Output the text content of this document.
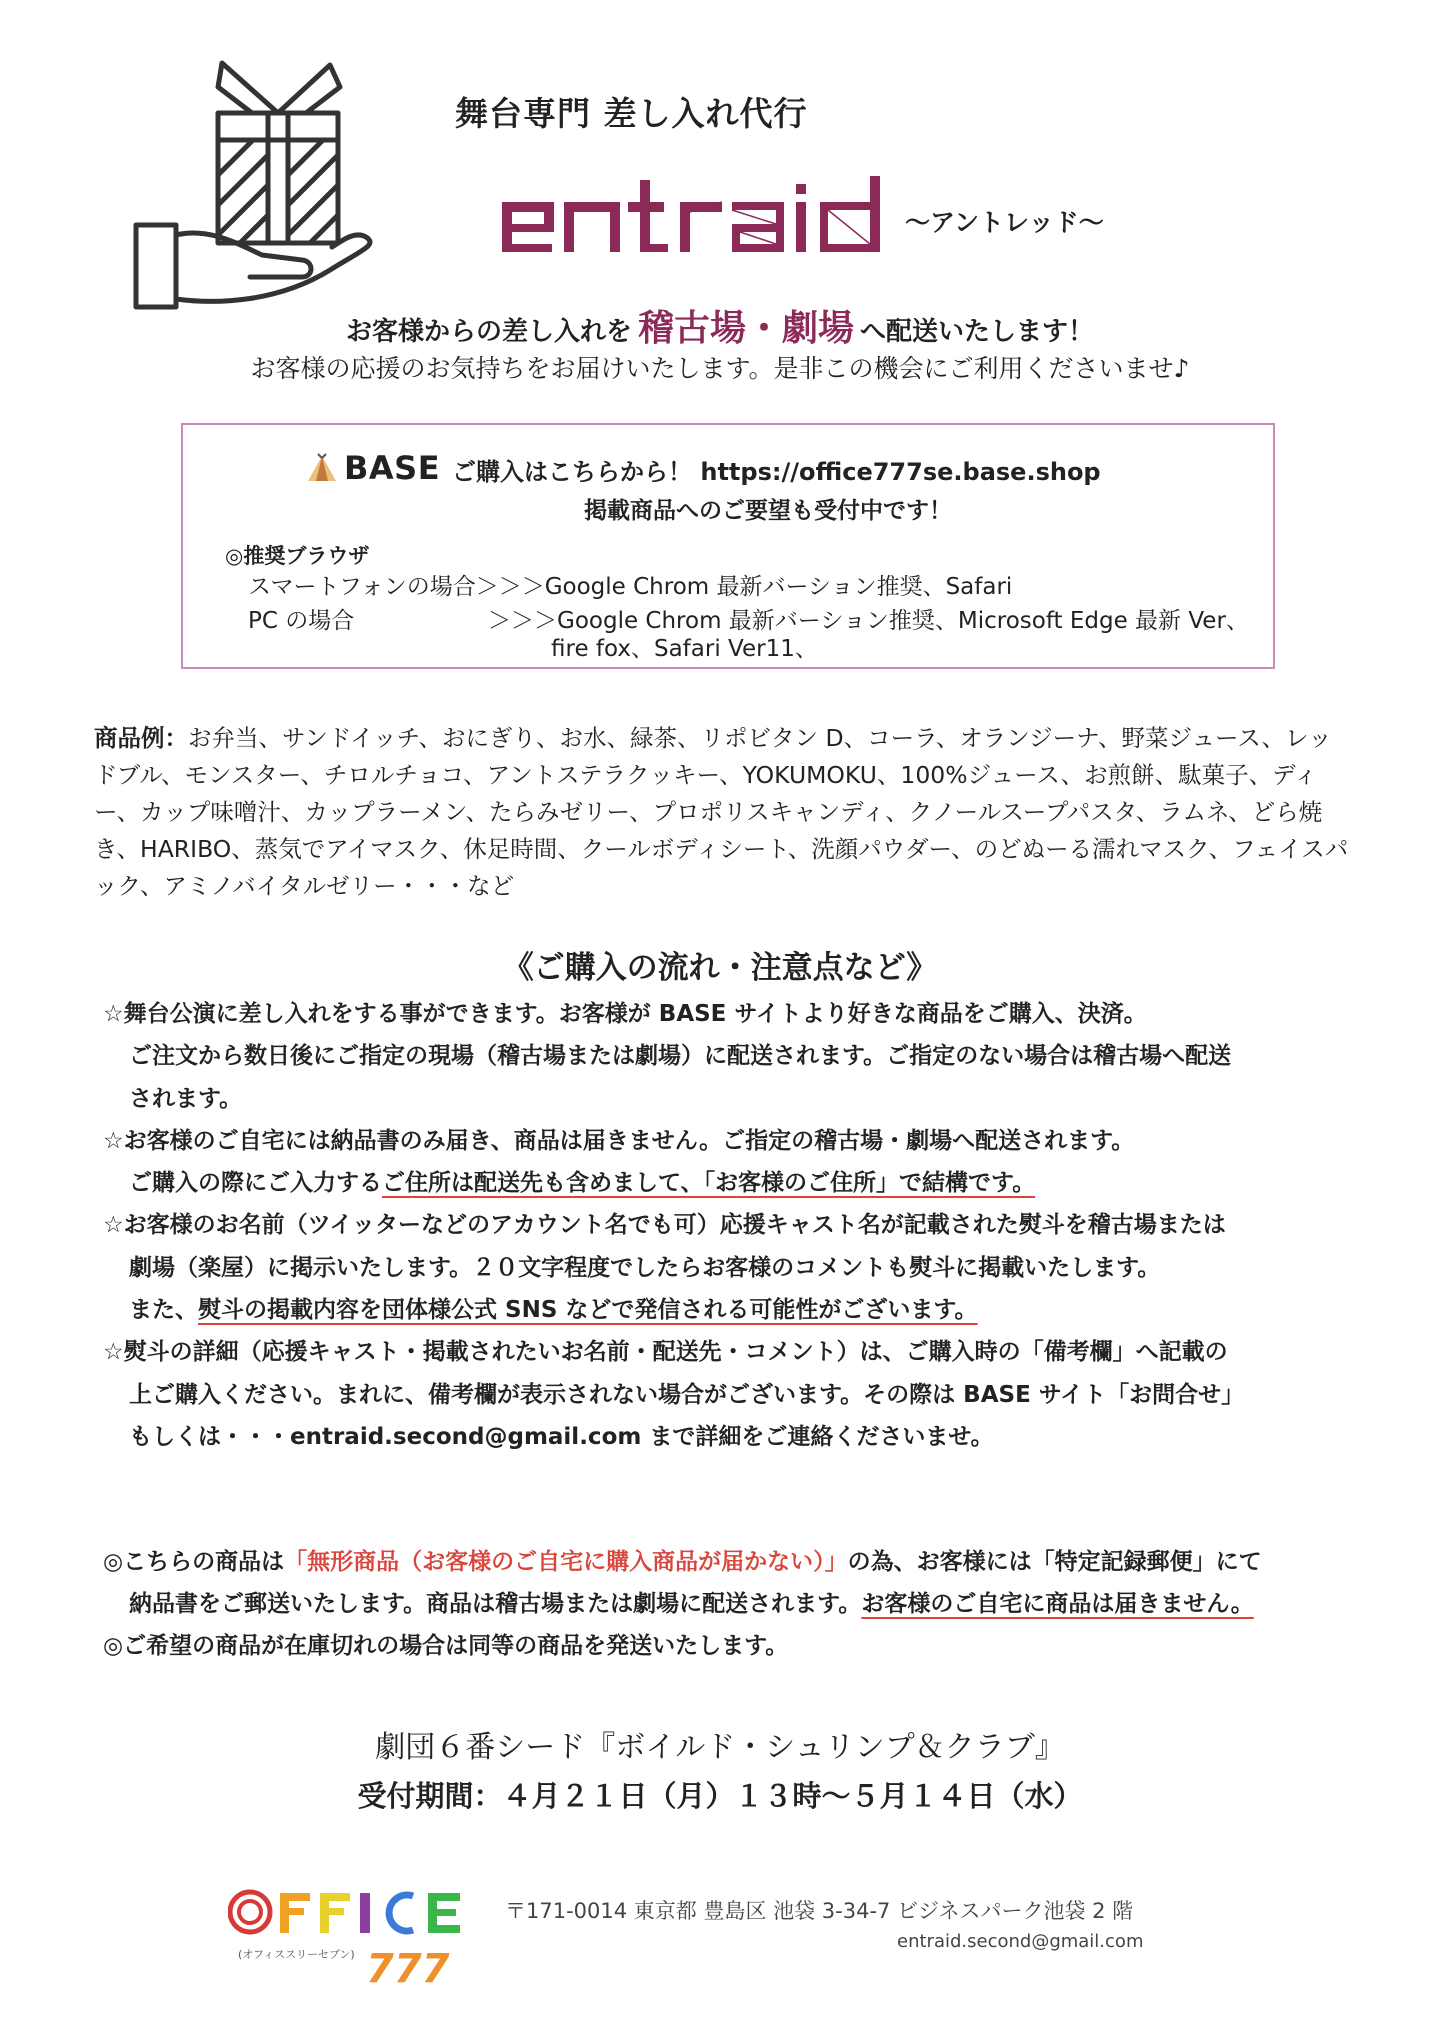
舞台専門 差し入れ代行
〜アントレッド〜
お客様からの差し入れを 稽古場・劇場 へ配送いたします！
お客様の応援のお気持ちをお届けいたします。是非この機会にご利用くださいませ♪
BASE ご購入はこちらから！ https://office777se.base.shop
掲載商品へのご要望も受付中です！
◎推奨ブラウザ
スマートフォンの場合＞＞＞Google Chrom 最新バーション推奨、Safari
PC の場合	＞＞＞Google Chrom 最新バーション推奨、Microsoft Edge 最新 Ver、
fire fox、Safari Ver11、
商品例：お弁当、サンドイッチ、おにぎり、お水、緑茶、リポビタン D、コーラ、オランジーナ、野菜ジュース、レッドブル、モンスター、チロルチョコ、アントステラクッキー、YOKUMOKU、100%ジュース、お煎餅、駄菓子、ディー、カップ味噌汁、カップラーメン、たらみゼリー、プロポリスキャンディ、クノールスープパスタ、ラムネ、どら焼き、HARIBO、蒸気でアイマスク、休足時間、クールボディシート、洗顔パウダー、のどぬーる濡れマスク、フェイスパック、アミノバイタルゼリー・・・など
《ご購入の流れ・注意点など》
☆舞台公演に差し入れをする事ができます。お客様が BASE サイトより好きな商品をご購入、決済。
ご注文から数日後にご指定の現場（稽古場または劇場）に配送されます。ご指定のない場合は稽古場へ配送
されます。
☆お客様のご自宅には納品書のみ届き、商品は届きません。ご指定の稽古場・劇場へ配送されます。
ご購入の際にご入力するご住所は配送先も含めまして、「お客様のご住所」で結構です。
☆お客様のお名前（ツイッターなどのアカウント名でも可）応援キャスト名が記載された熨斗を稽古場または
劇場（楽屋）に掲示いたします。２０文字程度でしたらお客様のコメントも熨斗に掲載いたします。
また、熨斗の掲載内容を団体様公式 SNS などで発信される可能性がございます。
☆熨斗の詳細（応援キャスト・掲載されたいお名前・配送先・コメント）は、ご購入時の「備考欄」へ記載の
上ご購入ください。まれに、備考欄が表示されない場合がございます。その際は BASE サイト「お問合せ」
もしくは・・・entraid.second@gmail.com まで詳細をご連絡くださいませ。
◎こちらの商品は「無形商品（お客様のご自宅に購入商品が届かない）」の為、お客様には「特定記録郵便」にて
納品書をご郵送いたします。商品は稽古場または劇場に配送されます。お客様のご自宅に商品は届きません。
◎ご希望の商品が在庫切れの場合は同等の商品を発送いたします。
劇団６番シード『ボイルド・シュリンプ＆クラブ』
受付期間：４月２１日（月）１３時〜５月１４日（水）
(オフィススリーセブン) 777
〒171-0014 東京都 豊島区 池袋 3-34-7 ビジネスパーク池袋 2 階
entraid.second@gmail.com
